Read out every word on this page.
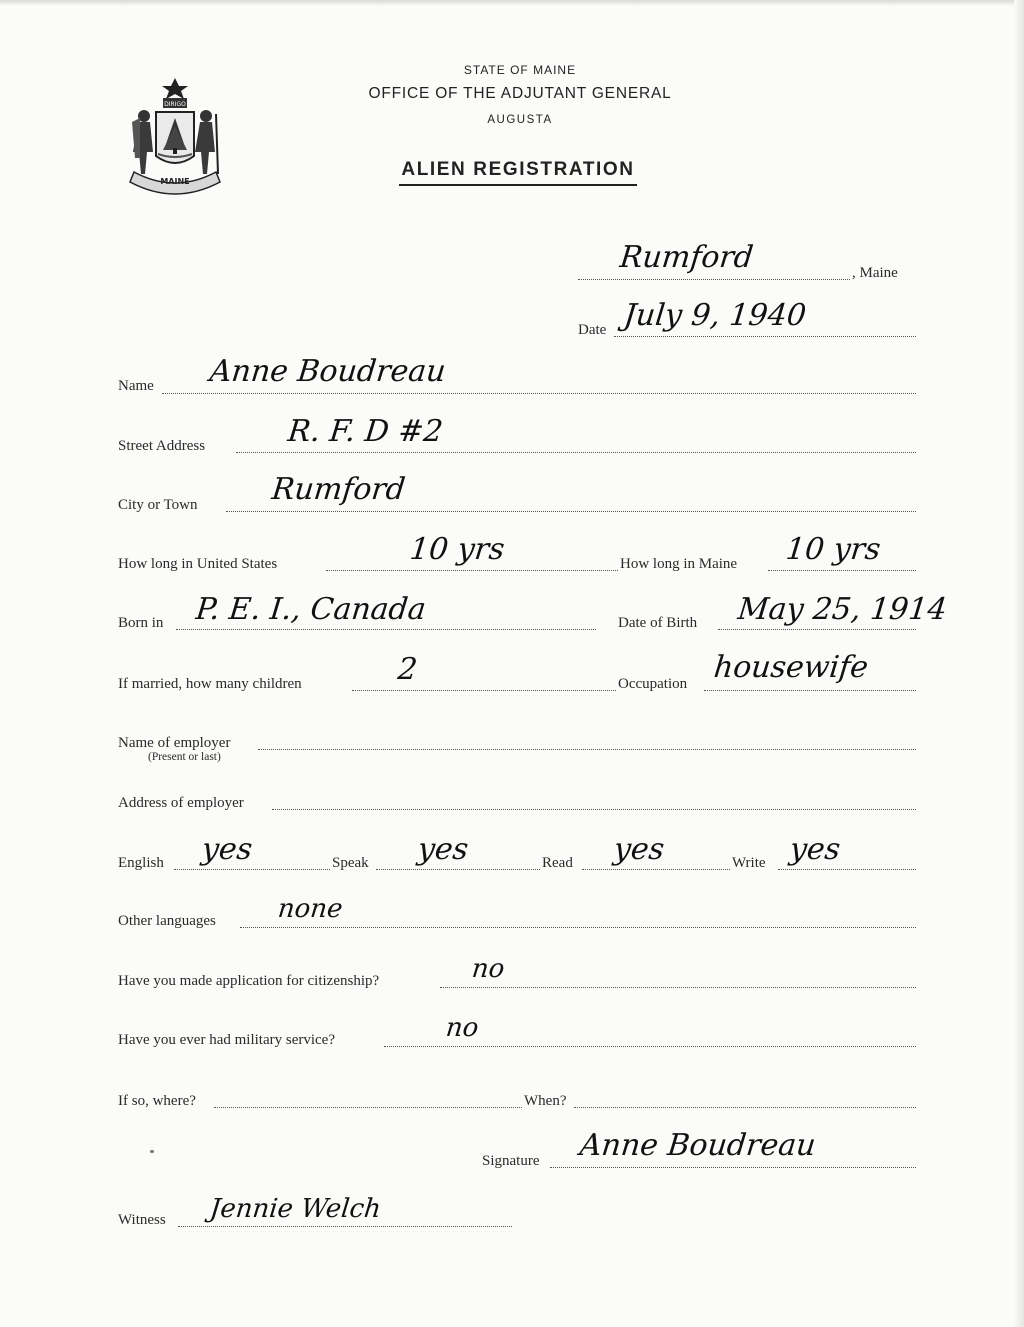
DIRIGO
MAINE
STATE OF MAINE
OFFICE OF THE ADJUTANT GENERAL
AUGUSTA
ALIEN REGISTRATION
Rumford	, Maine
Date July 9, 1940
Name Anne Boudreau
Street Address	R. F. D #2
City or Town Rumford
How long in United States	10 yrs	How long in Maine 10 yrs
Born in P. E. I., Canada	Date of Birth May 25, 1914
If married, how many children	2	Occupation housewife
Name of employer
(Present or last)
Address of employer
English yes	Speak yes	Read yes	Write yes
Other languages none
Have you made application for citizenship?	no
Have you ever had military service?	no
If so, where?	When?
Signature Anne Boudreau
Witness Jennie Welch
